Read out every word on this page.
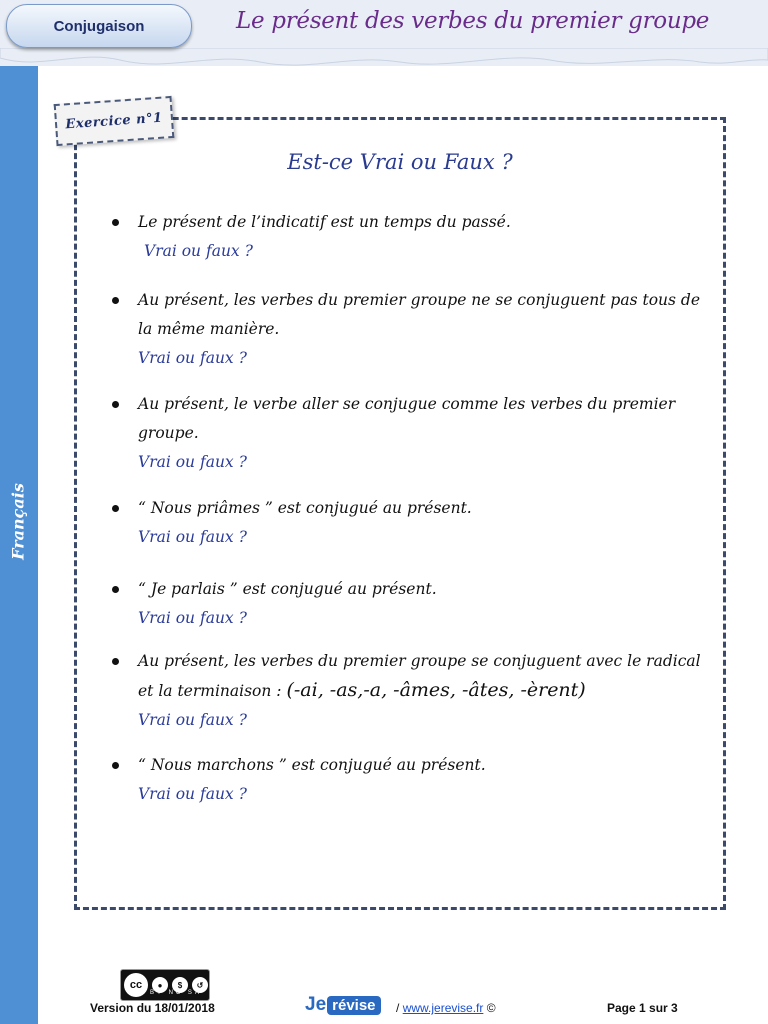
Conjugaison	Le présent des verbes du premier groupe
Français
Exercice n°1
Est-ce Vrai ou Faux ?
Le présent de l’indicatif est un temps du passé.
Vrai ou faux ?
Au présent, les verbes du premier groupe ne se conjuguent pas tous de la même manière.
Vrai ou faux ?
Au présent, le verbe aller se conjugue comme les verbes du premier groupe.
Vrai ou faux ?
“ Nous priâmes ” est conjugué au présent.
Vrai ou faux ?
“ Je parlais ” est conjugué au présent.
Vrai ou faux ?
Au présent, les verbes du premier groupe se conjuguent avec le radical et la terminaison : (-ai, -as,-a, -âmes, -âtes, -èrent)
Vrai ou faux ?
“ Nous marchons ” est conjugué au présent.
Vrai ou faux ?
cc	●	$	↺
BY NC SA
Version du 18/01/2018	Je révise	/ www.jerevise.fr ©	Page 1 sur 3
